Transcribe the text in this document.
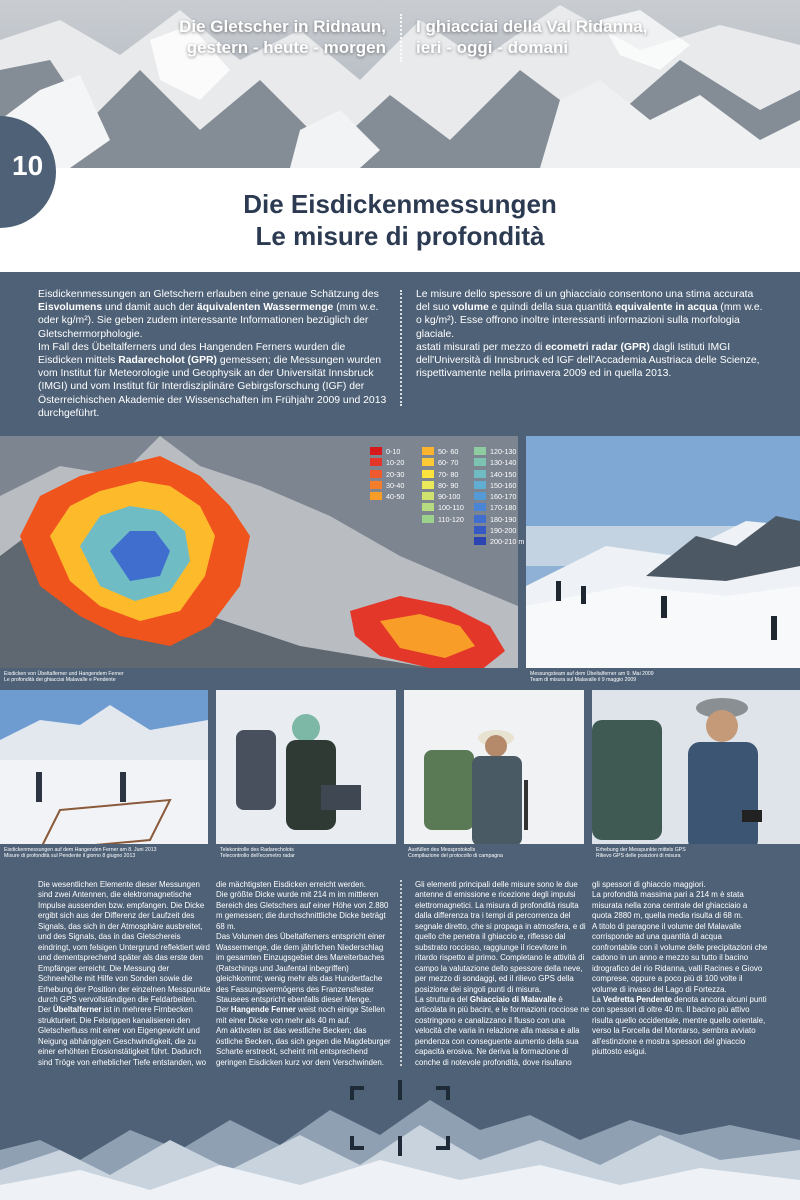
Die Gletscher in Ridnaun,
gestern - heute - morgen
I ghiacciai della Val Ridanna,
ieri - oggi - domani
10
Die Eisdickenmessungen
Le misure di profondità
Eisdickenmessungen an Gletschern erlauben eine genaue Schätzung des Eisvolumens und damit auch der äquivalenten Wassermenge (mm w.e. oder kg/m²). Sie geben zudem interessante Informationen bezüglich der Gletschermorphologie.
Im Fall des Übeltalferners und des Hangenden Ferners wurden die Eisdicken mittels Radarecholot (GPR) gemessen; die Messungen wurden vom Institut für Meteorologie und Geophysik an der Universität Innsbruck (IMGI) und vom Institut für Interdisziplinäre Gebirgsforschung (IGF) der Österreichischen Akademie der Wissenschaften im Frühjahr 2009 und 2013 durchgeführt.
Le misure dello spessore di un ghiacciaio consentono una stima accurata del suo volume e quindi della sua quantità equivalente in acqua (mm w.e. o kg/m²). Esse offrono inoltre interessanti informazioni sulla morfologia glaciale.
astati misurati per mezzo di ecometri radar (GPR) dagli Istituti IMGI dell'Università di Innsbruck ed IGF dell'Accademia Austriaca delle Scienze, rispettivamente nella primavera 2009 ed in quella 2013.
0-10
10-20
20-30
30-40
40-50
50- 60
60- 70
70- 80
80- 90
90-100
100-110
110-120
120-130
130-140
140-150
150-160
160-170
170-180
180-190
190-200
200-210 m
Eisdicken von Übeltalferner und Hangendem Ferner
Le profondità dei ghiacciai Malavalle e Pendente
Messungsteam auf dem Übeltalferner am 9. Mai 2009
Team di misura sul Malavalle il 9 maggio 2009
Eisdickenmessungen auf dem Hangenden Ferner am 8. Juni 2013
Misure di profondità sul Pendente il giorno 8 giugno 2013
Telekontrolle des Radarecholots
Telecontrollo dell'ecometro radar
Ausfüllen des Messprotokolls
Compilazione del protocollo di campagna
Erhebung der Messpunkte mittels GPS
Rilievo GPS delle posizioni di misura
Die wesentlichen Elemente dieser Messungen sind zwei Antennen, die elektromagnetische Impulse aussenden bzw. empfangen. Die Dicke ergibt sich aus der Differenz der Laufzeit des Signals, das sich in der Atmosphäre ausbreitet, und des Signals, das in das Gletschereis eindringt, vom felsigen Untergrund reflektiert wird und dementsprechend später als das erste den Empfänger erreicht. Die Messung der Schneehöhe mit Hilfe von Sonden sowie die Erhebung der Position der einzelnen Messpunkte durch GPS vervollständigen die Feldarbeiten.
Der Übeltalferner ist in mehrere Firnbecken strukturiert. Die Felsrippen kanalisieren den Gletscherfluss mit einer von Eigengewicht und Neigung abhängigen Geschwindigkeit, die zu einer erhöhten Erosionstätigkeit führt. Dadurch sind Tröge von erheblicher Tiefe entstanden, wo
die mächtigsten Eisdicken erreicht werden.
Die größte Dicke wurde mit 214 m im mittleren Bereich des Gletschers auf einer Höhe von 2.880 m gemessen; die durchschnittliche Dicke beträgt 68 m.
Das Volumen des Übeltalferners entspricht einer Wassermenge, die dem jährlichen Niederschlag im gesamten Einzugsgebiet des Mareiterbaches (Ratschings und Jaufental inbegriffen) gleichkommt; wenig mehr als das Hundertfache des Fassungsvermögens des Franzensfester Stausees entspricht ebenfalls dieser Menge.
Der Hangende Ferner weist noch einige Stellen mit einer Dicke von mehr als 40 m auf.
Am aktivsten ist das westliche Becken; das östliche Becken, das sich gegen die Magdeburger Scharte erstreckt, scheint mit entsprechend geringen Eisdicken kurz vor dem Verschwinden.
Gli elementi principali delle misure sono le due antenne di emissione e ricezione degli impulsi elettromagnetici. La misura di profondità risulta dalla differenza tra i tempi di percorrenza del segnale diretto, che si propaga in atmosfera, e di quello che penetra il ghiaccio e, riflesso dal substrato roccioso, raggiunge il ricevitore in ritardo rispetto al primo. Completano le attività di campo la valutazione dello spessore della neve, per mezzo di sondaggi, ed il rilievo GPS della posizione dei singoli punti di misura.
La struttura del Ghiacciaio di Malavalle è articolata in più bacini, e le formazioni rocciose ne costringono e canalizzano il flusso con una velocità che varia in relazione alla massa e alla pendenza con conseguente aumento della sua capacità erosiva. Ne deriva la formazione di conche di notevole profondità, dove risultano
gli spessori di ghiaccio maggiori.
La profondità massima pari a 214 m è stata misurata nella zona centrale del ghiacciaio a quota 2880 m, quella media risulta di 68 m.
A titolo di paragone il volume del Malavalle corrisponde ad una quantità di acqua confrontabile con il volume delle precipitazioni che cadono in un anno e mezzo su tutto il bacino idrografico del rio Ridanna, valli Racines e Giovo comprese, oppure a poco più di 100 volte il volume di invaso del Lago di Fortezza.
La Vedretta Pendente denota ancora alcuni punti con spessori di oltre 40 m. Il bacino più attivo risulta quello occidentale, mentre quello orientale, verso la Forcella del Montarso, sembra avviato all'estinzione e mostra spessori del ghiaccio piuttosto esigui.
